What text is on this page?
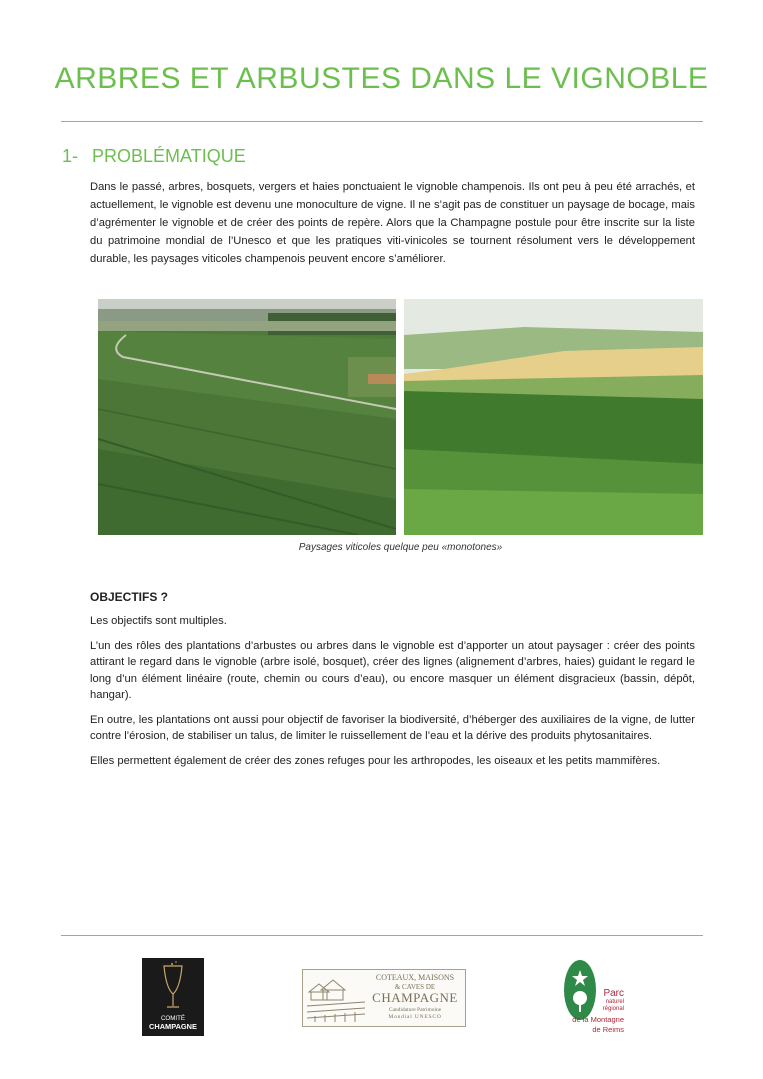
ARBRES ET ARBUSTES DANS LE VIGNOBLE
1- PROBLÉMATIQUE

Dans le passé, arbres, bosquets, vergers et haies ponctuaient le vignoble champenois. Ils ont peu à peu été arrachés, et actuellement, le vignoble est devenu une monoculture de vigne. Il ne s’agit pas de constituer un paysage de bocage, mais d’agrémenter le vignoble et de créer des points de repère. Alors que la Champagne postule pour être inscrite sur la liste du patrimoine mondial de l’Unesco et que les pratiques viti-vinicoles se tournent résolument vers le développement durable, les paysages viticoles champenois peuvent encore s’améliorer.

Paysages viticoles quelque peu «monotones»
OBJECTIFS ?

Les objectifs sont multiples.

L’un des rôles des plantations d’arbustes ou arbres dans le vignoble est d’apporter un atout paysager : créer des points attirant le regard dans le vignoble (arbre isolé, bosquet), créer des lignes (alignement d’arbres, haies) guidant le regard le long d’un élément linéaire (route, chemin ou cours d’eau), ou encore masquer un élément disgracieux (bassin, dépôt, hangar).

En outre, les plantations ont aussi pour objectif de favoriser la biodiversité, d’héberger des auxiliaires de la vigne, de lutter contre l’érosion, de stabiliser un talus, de limiter le ruissellement de l’eau et la dérive des produits phytosanitaires.

Elles permettent également de créer des zones refuges pour les arthropodes, les oiseaux et les petits mammifères.

COMITÉ
CHAMPAGNE
COTEAUX, MAISONS
& CAVES DE
CHAMPAGNE
Candidature Patrimoine
Mondial UNESCO
Parc
naturel
régional
de la Montagne
de Reims
